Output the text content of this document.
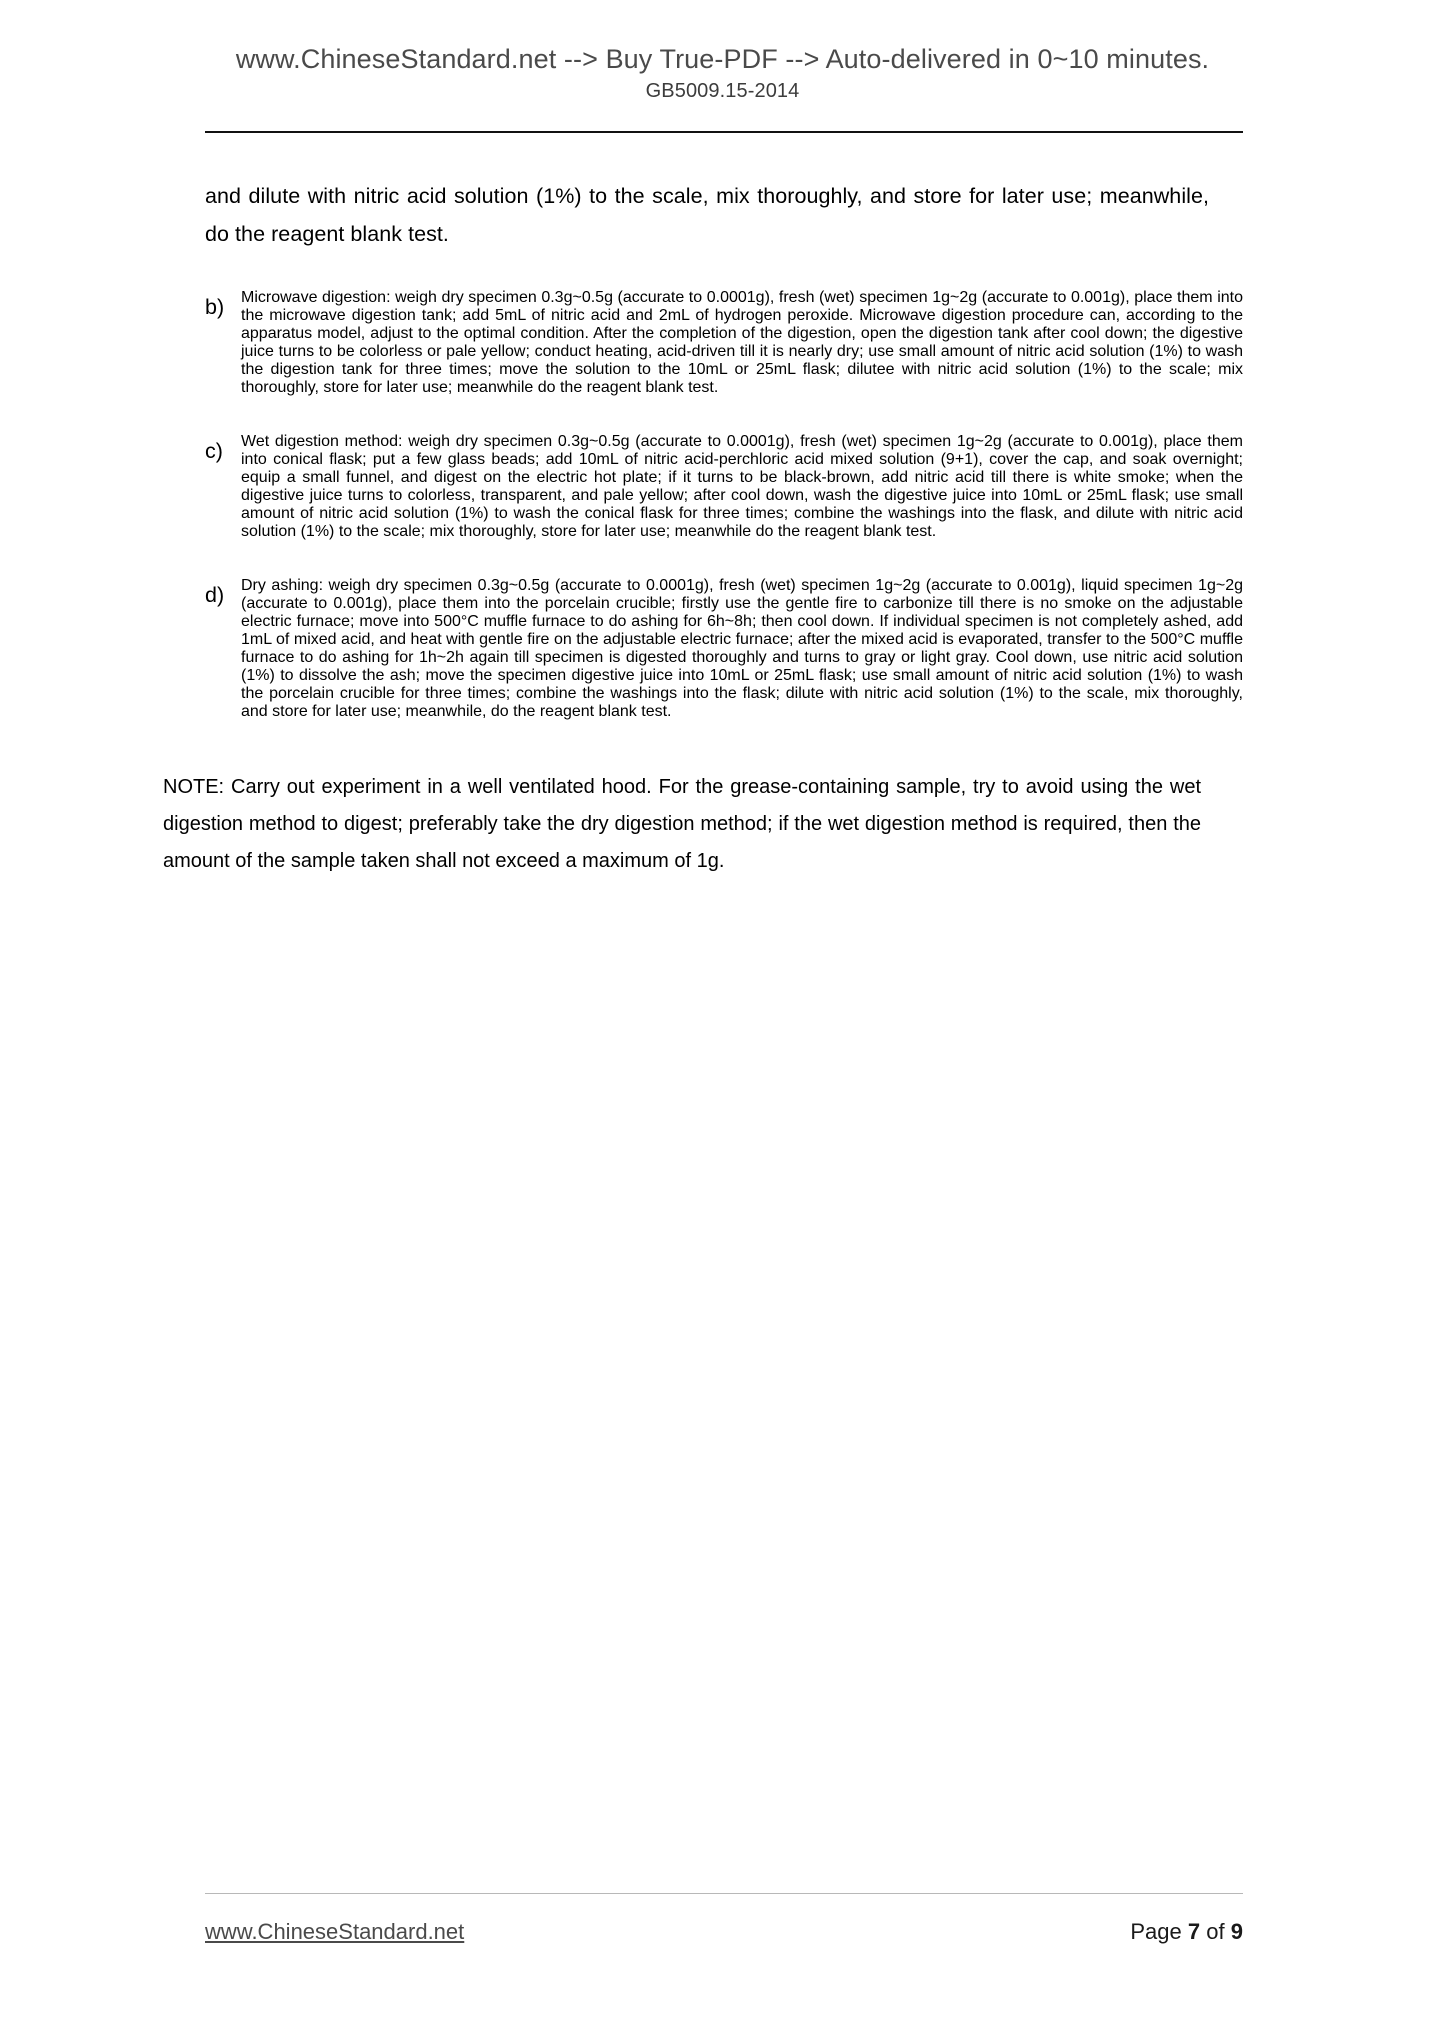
www.ChineseStandard.net --> Buy True-PDF --> Auto-delivered in 0~10 minutes.
GB5009.15-2014

and dilute with nitric acid solution (1%) to the scale, mix thoroughly, and store for later use; meanwhile, do the reagent blank test.

b)	Microwave digestion: weigh dry specimen 0.3g~0.5g (accurate to 0.0001g), fresh (wet) specimen 1g~2g (accurate to 0.001g), place them into the microwave digestion tank; add 5mL of nitric acid and 2mL of hydrogen peroxide. Microwave digestion procedure can, according to the apparatus model, adjust to the optimal condition. After the completion of the digestion, open the digestion tank after cool down; the digestive juice turns to be colorless or pale yellow; conduct heating, acid-driven till it is nearly dry; use small amount of nitric acid solution (1%) to wash the digestion tank for three times; move the solution to the 10mL or 25mL flask; dilutee with nitric acid solution (1%) to the scale; mix thoroughly, store for later use; meanwhile do the reagent blank test.
c)	Wet digestion method: weigh dry specimen 0.3g~0.5g (accurate to 0.0001g), fresh (wet) specimen 1g~2g (accurate to 0.001g), place them into conical flask; put a few glass beads; add 10mL of nitric acid-perchloric acid mixed solution (9+1), cover the cap, and soak overnight; equip a small funnel, and digest on the electric hot plate; if it turns to be black-brown, add nitric acid till there is white smoke; when the digestive juice turns to colorless, transparent, and pale yellow; after cool down, wash the digestive juice into 10mL or 25mL flask; use small amount of nitric acid solution (1%) to wash the conical flask for three times; combine the washings into the flask, and dilute with nitric acid solution (1%) to the scale; mix thoroughly, store for later use; meanwhile do the reagent blank test.
d)	Dry ashing: weigh dry specimen 0.3g~0.5g (accurate to 0.0001g), fresh (wet) specimen 1g~2g (accurate to 0.001g), liquid specimen 1g~2g (accurate to 0.001g), place them into the porcelain crucible; firstly use the gentle fire to carbonize till there is no smoke on the adjustable electric furnace; move into 500°C muffle furnace to do ashing for 6h~8h; then cool down. If individual specimen is not completely ashed, add 1mL of mixed acid, and heat with gentle fire on the adjustable electric furnace; after the mixed acid is evaporated, transfer to the 500°C muffle furnace to do ashing for 1h~2h again till specimen is digested thoroughly and turns to gray or light gray. Cool down, use nitric acid solution (1%) to dissolve the ash; move the specimen digestive juice into 10mL or 25mL flask; use small amount of nitric acid solution (1%) to wash the porcelain crucible for three times; combine the washings into the flask; dilute with nitric acid solution (1%) to the scale, mix thoroughly, and store for later use; meanwhile, do the reagent blank test.

NOTE: Carry out experiment in a well ventilated hood. For the grease-containing sample, try to avoid using the wet digestion method to digest; preferably take the dry digestion method; if the wet digestion method is required, then the amount of the sample taken shall not exceed a maximum of 1g.

www.ChineseStandard.net	Page 7 of 9
